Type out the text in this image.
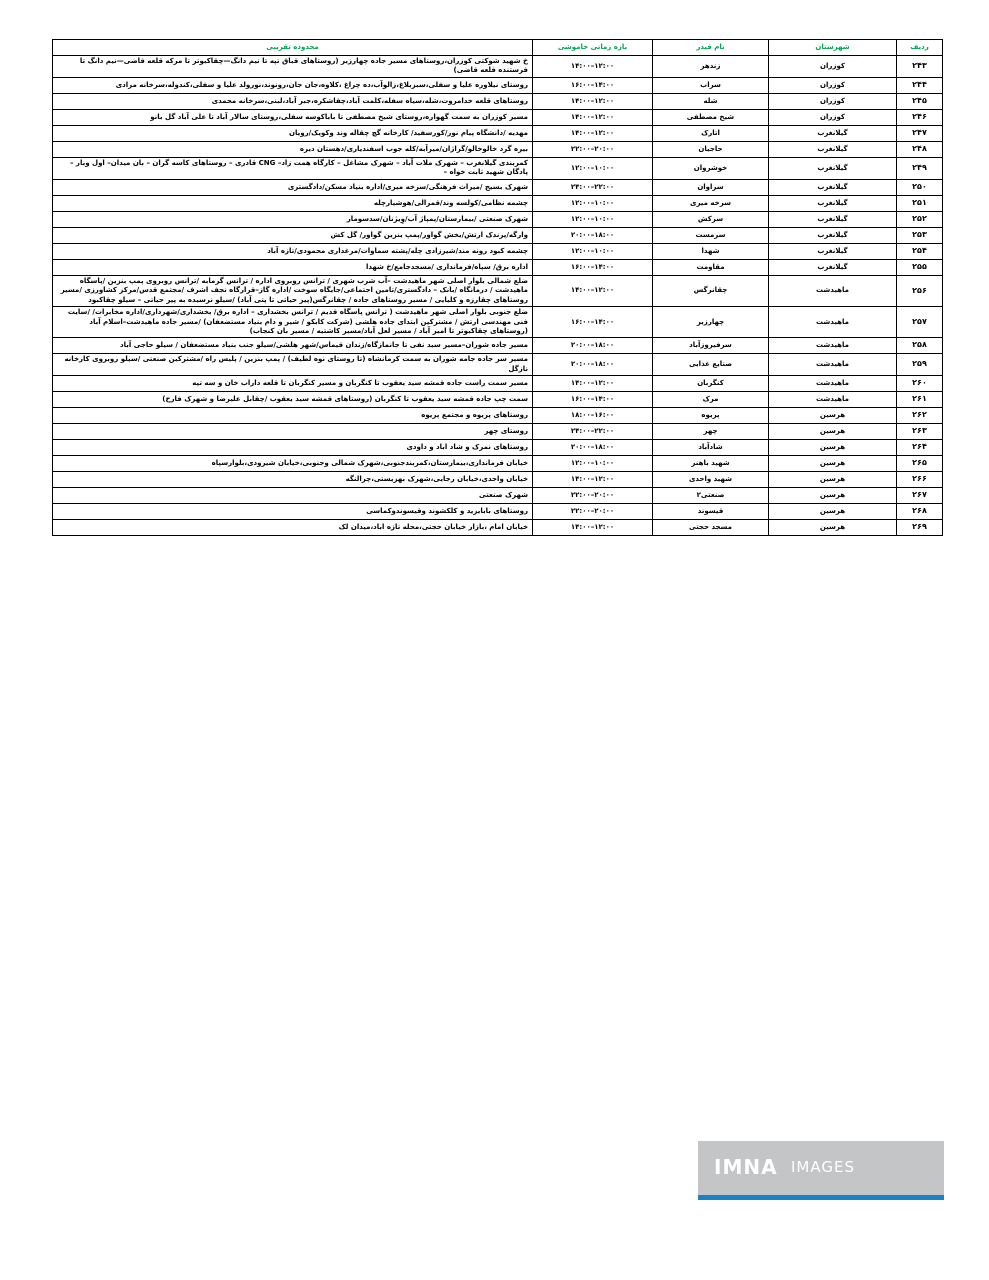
ردیف	شهرستان	نام فیدر	بازه زمانی خاموشی	محدوده تقریبی
۲۴۳	کوزران	زندهر	۱۲:۰۰–۱۴:۰۰	خ شهید شوکتی کوزران،روستاهای مسیر جاده چهارزبر (روستاهای قباق تپه تا نیم دانگ—چقاکبوتر تا مرکه قلعه قاضی—نیم دانگ تا فرستنده قلعه قاضی)
۲۴۴	کوزران	سراب	۱۴:۰۰–۱۶:۰۰	روستای نیلاوره علیا و سفلی،سبزبلاغ،زالوآب،ده چراغ ،کلاوه،جان جان،رونوند،نورولد علیا و سفلی،کندوله،سرخانه مرادی
۲۴۵	کوزران	شله	۱۲:۰۰–۱۴:۰۰	روستاهای قلعه خدامروت،شله،سیاه سفله،کلمت آباد،چقاشکره،جبر آباد،لبنی،سرخانه محمدی
۲۴۶	کوزران	شیخ مصطفی	۱۲:۰۰–۱۴:۰۰	مسیر کوزران به سمت گهواره،روستای شیخ مصطفی تا باباکوسه سفلی،روستای سالار آباد تا علی آباد گل بانو
۲۴۷	گیلانغرب	اتارک	۱۲:۰۰–۱۴:۰۰	مهدیه /دانشگاه پیام نور/کورسفید/ کارخانه گچ چقاله وند وکویک/رویان
۲۴۸	گیلانغرب	حاجیان	۲۰:۰۰–۲۲:۰۰	بیره گرد خالوخالو/گراژان/میرآبه/کله جوب اسفندیاری/دهستان دیره
۲۴۹	گیلانغرب	خوشروان	۱۰:۰۰–۱۲:۰۰	کمربندی گیلانغرب – شهرک ملات آباد – شهرک مشاغل – کارگاه همت زاد– CNG قادری – روستاهای کاسه گران – بان میدان– اول وبار – پادگان شهید ثابت خواه –
۲۵۰	گیلانغرب	سراوان	۲۲:۰۰–۲۴:۰۰	شهرک بسیج /میراث فرهنگی/سرخه میری/اداره بنیاد مسکن/دادگستری
۲۵۱	گیلانغرب	سرخه میری	۱۰:۰۰–۱۲:۰۰	چشمه نظامی/کولسه وند/قمرالی/هوشیارچله
۲۵۲	گیلانغرب	سرکش	۱۰:۰۰–۱۲:۰۰	شهرک صنعتی /بیمارستان/پمپاژ آب/وِیژنان/سدسومار
۲۵۳	گیلانغرب	سرمست	۱۸:۰۰–۲۰:۰۰	وارگه/پرندک ارتش/بخش گواور/پمپ بنزین گواور/ گل کش
۲۵۴	گیلانغرب	شهدا	۱۰:۰۰–۱۲:۰۰	چشمه کبود رونه مند/شیرزادی چله/پشته سماوات/مرغداری محمودی/تازه آباد
۲۵۵	گیلانغرب	مقاومت	۱۴:۰۰–۱۶:۰۰	اداره برق/ سپاه/فرمانداری /مسجدجامع/خ شهدا
۲۵۶	ماهیدشت	چقانرگس	۱۲:۰۰–۱۴:۰۰	ضلع شمالی بلوار اصلی شهر ماهیدشت –آب شرب شهری / ترانس روبروی اداره / ترانس گرمابه /ترانس روبروی پمپ بنزین /پاسگاه ماهیدشت / درمانگاه /بانک – دادگستری/تامین اجتماعی/جایگاه سوخت /اداره گاز–قرارگاه نجف اشرف /مجتمع قدس/مرکز کشاورزی /مسیر روستاهای چقارزه و کلیایی / مسیر روستاهای جاده / چقانرگس(پیر حیاتی تا پتی آباد) /سیلو نرسیده به پیر حیاتی – سیلو چقاکبود
۲۵۷	ماهیدشت	چهارزبر	۱۴:۰۰–۱۶:۰۰	ضلع جنوبی بلوار اصلی شهر ماهیدشت ( ترانس پاسگاه قدیم / ترانس بخشداری – اداره برق/ بخشداری/شهرداری/اداره مخابرات/ /سایت فنی مهندسی ارتش / مشترکین ابتدای جاده هلشی (شرکت کابکو / شیر و دام بنیاد مستضعفان) /مسیر جاده ماهیدشت–اسلام آباد (روستاهای چقاکبوتر تا امیر آباد / مسیر لعل آباد/مسیر کاشتیه / مسیر بان کنجاب)
۲۵۸	ماهیدشت	سرفیروزآباد	۱۸:۰۰–۲۰:۰۰	مسیر جاده شوران–مسیر سید نفی تا جانمازگاه/زندان قیماس/شهر هلشی/سیلو جنب بنیاد مستضعفان / سیلو حاجی آباد
۲۵۹	ماهیدشت	صنایع غذایی	۱۸:۰۰–۲۰:۰۰	مسیر سر جاده جامه شوران به سمت کرمانشاه (تا روستای نوه لطیف) / پمپ بنزین / پلیس راه /مشترکین صنعتی /سیلو روبروی کارخانه نازگل
۲۶۰	ماهیدشت	کنگربان	۱۲:۰۰–۱۴:۰۰	مسیر سمت راست جاده قمشه سید یعقوب تا کنگربان و مسیر کنگربان تا قلعه داراب خان و سه تپه
۲۶۱	ماهیدشت	مرک	۱۴:۰۰–۱۶:۰۰	سمت چپ جاده قمشه سید یعقوب تا کنگربان (روستاهای قمشه سید یعقوب /چقابل علیرضا و شهرک فارح)
۲۶۲	هرسین	پریوه	۱۶:۰۰–۱۸:۰۰	روستاهای پریوه و مجتمع پریوه
۲۶۳	هرسین	چهر	۲۲:۰۰–۲۴:۰۰	روستای چهر
۲۶۴	هرسین	شادآباد	۱۸:۰۰–۲۰:۰۰	روستاهای نمرک و شاد اباد و داودی
۲۶۵	هرسین	شهید باهنر	۱۰:۰۰–۱۲:۰۰	خیابان فرمانداری،بیمارستان،کمربندجنوبی،شهرک شمالی وجنوبی،خیابان شیرودی،بلوارسپاه
۲۶۶	هرسین	شهید واحدی	۱۲:۰۰–۱۴:۰۰	خیابان واحدی،خیابان رجایی،شهرک بهزیستی،چرالنگه
۲۶۷	هرسین	صنعتی۲	۲۰:۰۰–۲۲:۰۰	شهرک صنعتی
۲۶۸	هرسین	قیسوند	۲۰:۰۰–۲۲:۰۰	روستاهای بابایزید و کلکشوند وقیسوندوکماسی
۲۶۹	هرسین	مسجد حجتی	۱۲:۰۰–۱۴:۰۰	خیابان امام ،بازار خیابان حجتی،محله تازه اباد،میدان لک
IMNA IMAGES
